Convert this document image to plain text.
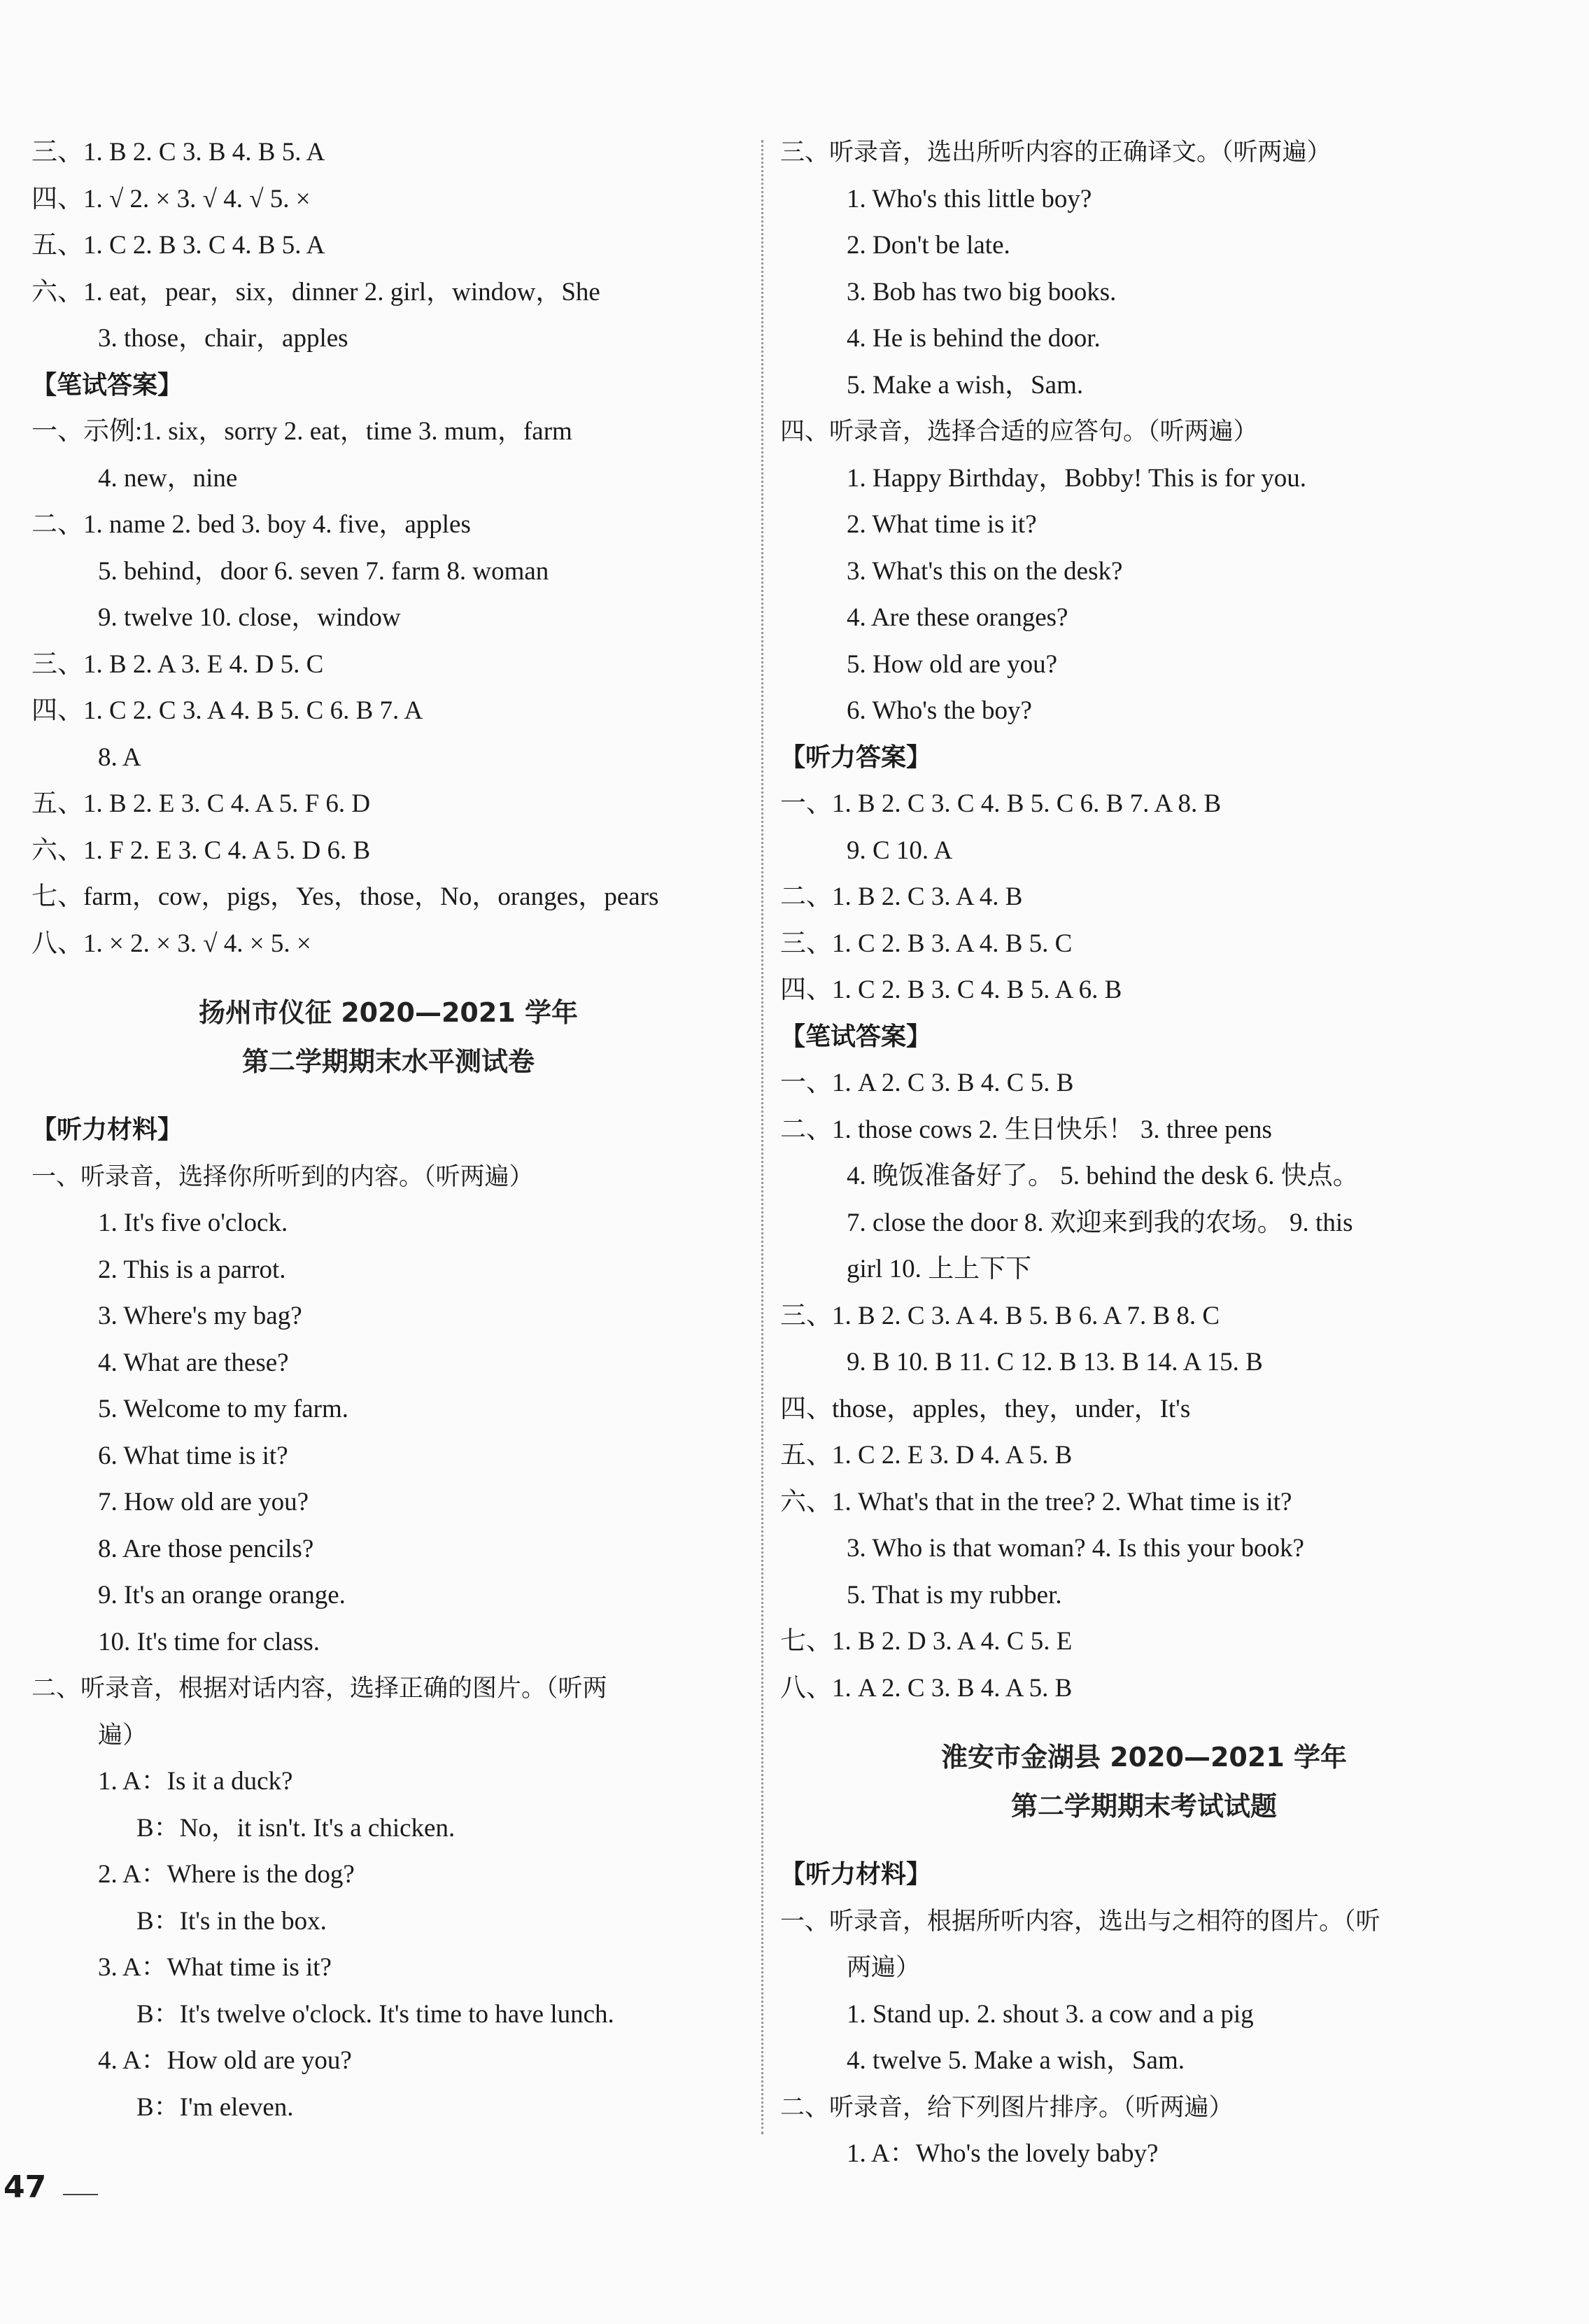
三、1. B 2. C 3. B 4. B 5. A
四、1. √ 2. × 3. √ 4. √ 5. ×
五、1. C 2. B 3. C 4. B 5. A
六、1. eat，pear，six，dinner 2. girl，window，She
3. those，chair，apples
【笔试答案】
一、示例:1. six，sorry 2. eat，time 3. mum，farm
4. new，nine
二、1. name 2. bed 3. boy 4. five，apples
5. behind，door 6. seven 7. farm 8. woman
9. twelve 10. close，window
三、1. B 2. A 3. E 4. D 5. C
四、1. C 2. C 3. A 4. B 5. C 6. B 7. A
8. A
五、1. B 2. E 3. C 4. A 5. F 6. D
六、1. F 2. E 3. C 4. A 5. D 6. B
七、farm，cow，pigs，Yes，those，No，oranges，pears
八、1. × 2. × 3. √ 4. × 5. ×
扬州市仪征 2020—2021 学年
第二学期期末水平测试卷
【听力材料】
一、听录音，选择你所听到的内容。（听两遍）
1. It's five o'clock.
2. This is a parrot.
3. Where's my bag?
4. What are these?
5. Welcome to my farm.
6. What time is it?
7. How old are you?
8. Are those pencils?
9. It's an orange orange.
10. It's time for class.
二、听录音，根据对话内容，选择正确的图片。（听两
遍）
1. A：Is it a duck?
B：No，it isn't. It's a chicken.
2. A：Where is the dog?
B：It's in the box.
3. A：What time is it?
B：It's twelve o'clock. It's time to have lunch.
4. A：How old are you?
B：I'm eleven.
三、听录音，选出所听内容的正确译文。（听两遍）
1. Who's this little boy?
2. Don't be late.
3. Bob has two big books.
4. He is behind the door.
5. Make a wish，Sam.
四、听录音，选择合适的应答句。（听两遍）
1. Happy Birthday，Bobby! This is for you.
2. What time is it?
3. What's this on the desk?
4. Are these oranges?
5. How old are you?
6. Who's the boy?
【听力答案】
一、1. B 2. C 3. C 4. B 5. C 6. B 7. A 8. B
9. C 10. A
二、1. B 2. C 3. A 4. B
三、1. C 2. B 3. A 4. B 5. C
四、1. C 2. B 3. C 4. B 5. A 6. B
【笔试答案】
一、1. A 2. C 3. B 4. C 5. B
二、1. those cows 2. 生日快乐！ 3. three pens
4. 晚饭准备好了。 5. behind the desk 6. 快点。
7. close the door 8. 欢迎来到我的农场。 9. this
girl 10. 上上下下
三、1. B 2. C 3. A 4. B 5. B 6. A 7. B 8. C
9. B 10. B 11. C 12. B 13. B 14. A 15. B
四、those，apples，they，under，It's
五、1. C 2. E 3. D 4. A 5. B
六、1. What's that in the tree? 2. What time is it?
3. Who is that woman? 4. Is this your book?
5. That is my rubber.
七、1. B 2. D 3. A 4. C 5. E
八、1. A 2. C 3. B 4. A 5. B
淮安市金湖县 2020—2021 学年
第二学期期末考试试题
【听力材料】
一、听录音，根据所听内容，选出与之相符的图片。（听
两遍）
1. Stand up. 2. shout 3. a cow and a pig
4. twelve 5. Make a wish，Sam.
二、听录音，给下列图片排序。（听两遍）
1. A：Who's the lovely baby?
47
